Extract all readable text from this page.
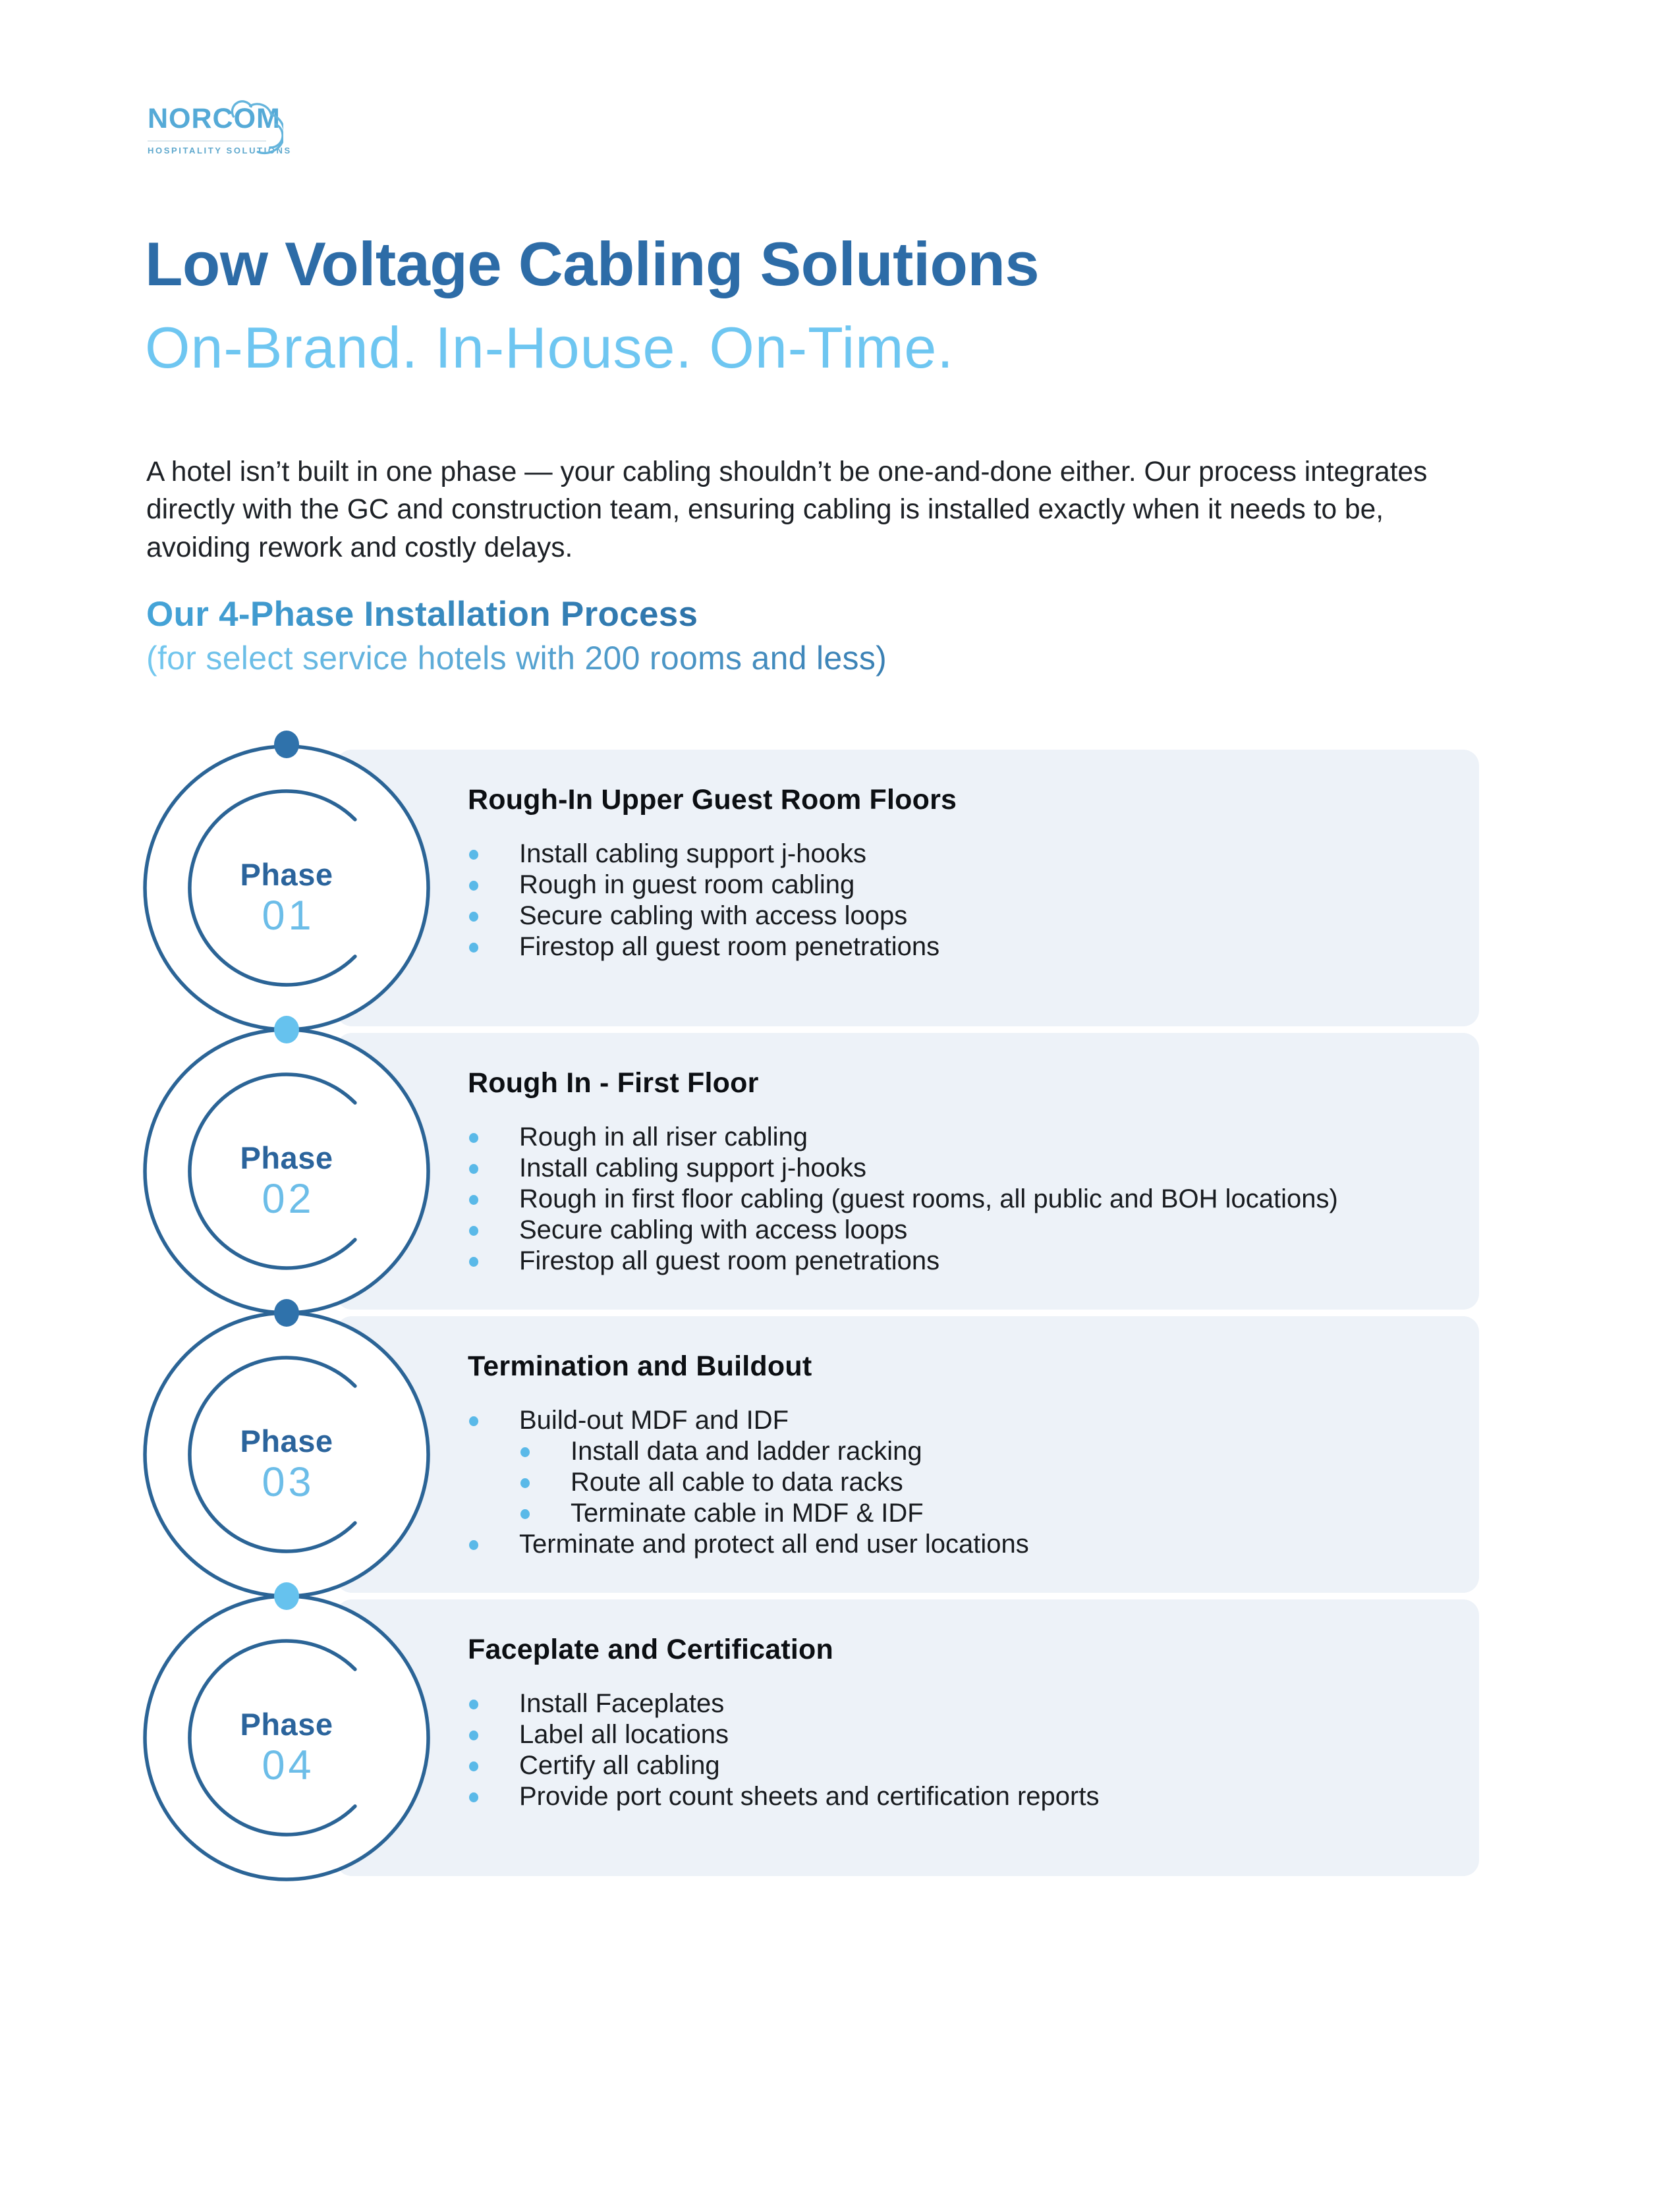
NORCOM
HOSPITALITY SOLUTIONS
Low Voltage Cabling Solutions
On-Brand. In-House. On-Time.

A hotel isn’t built in one phase — your cabling shouldn’t be one-and-done either. Our process integrates directly with the GC and construction team, ensuring cabling is installed exactly when it needs to be, avoiding rework and costly delays.

Our 4-Phase Installation Process
(for select service hotels with 200 rooms and less)
Rough-In Upper Guest Room Floors
Install cabling support j-hooks
Rough in guest room cabling
Secure cabling with access loops
Firestop all guest room penetrations
Phase
01
Rough In - First Floor
Rough in all riser cabling
Install cabling support j-hooks
Rough in first floor cabling (guest rooms, all public and BOH locations)
Secure cabling with access loops
Firestop all guest room penetrations
Phase
02
Termination and Buildout
Build-out MDF and IDF
Install data and ladder racking
Route all cable to data racks
Terminate cable in MDF & IDF
Terminate and protect all end user locations
Phase
03
Faceplate and Certification
Install Faceplates
Label all locations
Certify all cabling
Provide port count sheets and certification reports
Phase
04
